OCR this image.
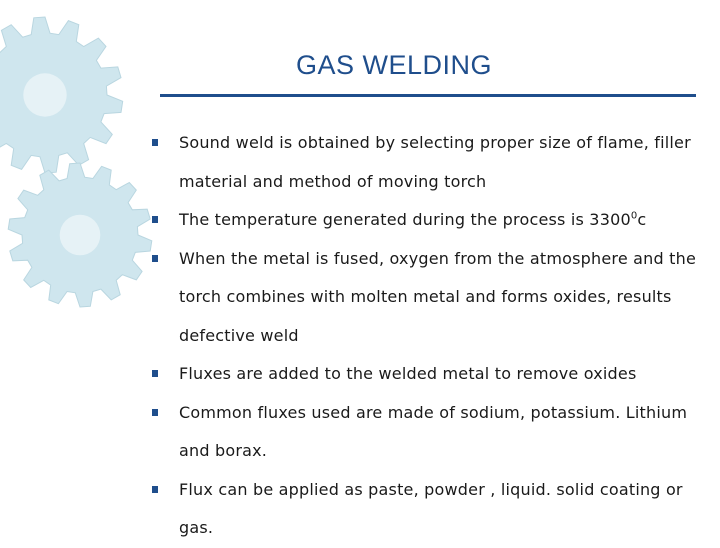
GAS WELDING
Sound weld is obtained by selecting proper size of flame, filler material and method of moving torch
The temperature generated during the process is 3300$^0$c
When the metal is fused, oxygen from the atmosphere and the torch combines with molten metal and forms oxides, results defective weld
Fluxes are added to the welded metal to remove oxides
Common fluxes used are made of sodium, potassium. Lithium and borax.
Flux can be applied as paste, powder , liquid. solid coating or gas.
